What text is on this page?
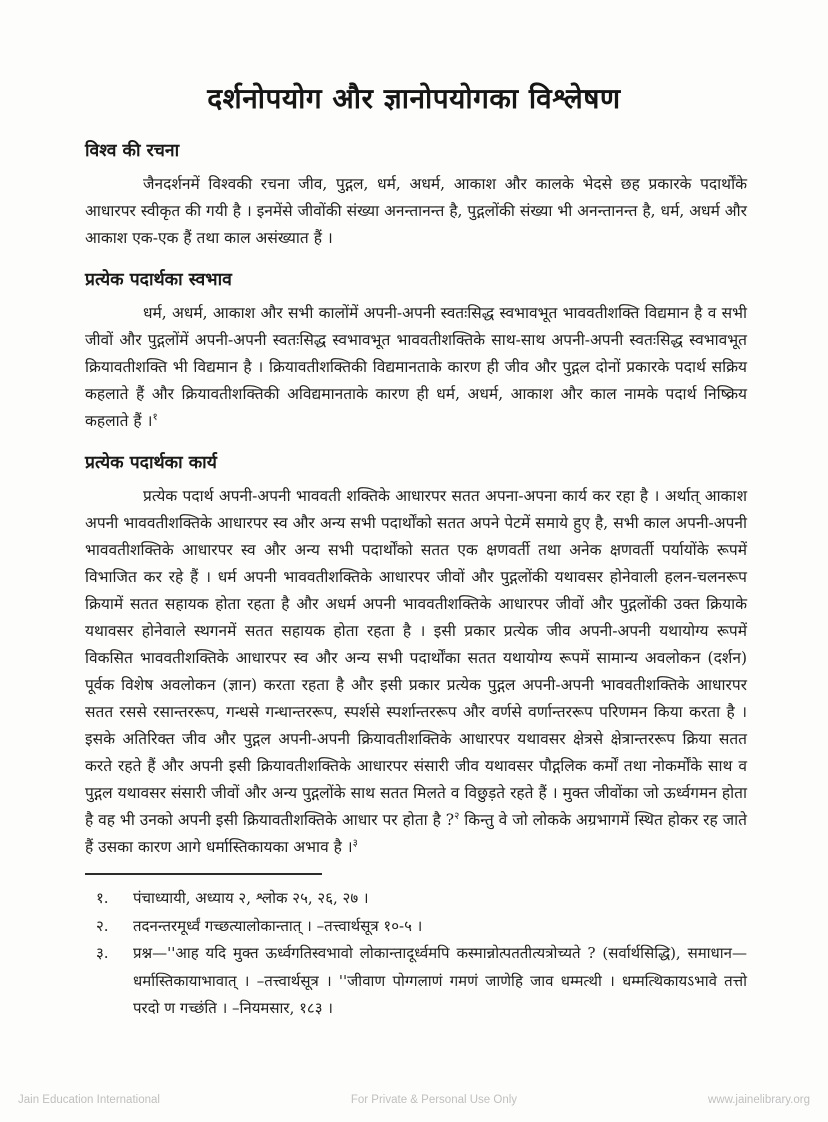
दर्शनोपयोग और ज्ञानोपयोगका विश्लेषण
विश्व की रचना

जैनदर्शनमें विश्वकी रचना जीव, पुद्गल, धर्म, अधर्म, आकाश और कालके भेदसे छह प्रकारके पदार्थोंके आधारपर स्वीकृत की गयी है । इनमेंसे जीवोंकी संख्या अनन्तानन्त है, पुद्गलोंकी संख्या भी अनन्तानन्त है, धर्म, अधर्म और आकाश एक-एक हैं तथा काल असंख्यात हैं ।

प्रत्येक पदार्थका स्वभाव

धर्म, अधर्म, आकाश और सभी कालोंमें अपनी-अपनी स्वतःसिद्ध स्वभावभूत भाववतीशक्ति विद्यमान है व सभी जीवों और पुद्गलोंमें अपनी-अपनी स्वतःसिद्ध स्वभावभूत भाववतीशक्तिके साथ-साथ अपनी-अपनी स्वतःसिद्ध स्वभावभूत क्रियावतीशक्ति भी विद्यमान है । क्रियावतीशक्तिकी विद्यमानताके कारण ही जीव और पुद्गल दोनों प्रकारके पदार्थ सक्रिय कहलाते हैं और क्रियावतीशक्तिकी अविद्यमानताके कारण ही धर्म, अधर्म, आकाश और काल नामके पदार्थ निष्क्रिय कहलाते हैं ।$^१$

प्रत्येक पदार्थका कार्य

प्रत्येक पदार्थ अपनी-अपनी भाववती शक्तिके आधारपर सतत अपना-अपना कार्य कर रहा है । अर्थात् आकाश अपनी भाववतीशक्तिके आधारपर स्व और अन्य सभी पदार्थोंको सतत अपने पेटमें समाये हुए है, सभी काल अपनी-अपनी भाववतीशक्तिके आधारपर स्व और अन्य सभी पदार्थोंको सतत एक क्षणवर्ती तथा अनेक क्षणवर्ती पर्यायोंके रूपमें विभाजित कर रहे हैं । धर्म अपनी भाववतीशक्तिके आधारपर जीवों और पुद्गलोंकी यथावसर होनेवाली हलन-चलनरूप क्रियामें सतत सहायक होता रहता है और अधर्म अपनी भाववतीशक्तिके आधारपर जीवों और पुद्गलोंकी उक्त क्रियाके यथावसर होनेवाले स्थगनमें सतत सहायक होता रहता है । इसी प्रकार प्रत्येक जीव अपनी-अपनी यथायोग्य रूपमें विकसित भाववतीशक्तिके आधारपर स्व और अन्य सभी पदार्थोंका सतत यथायोग्य रूपमें सामान्य अवलोकन (दर्शन) पूर्वक विशेष अवलोकन (ज्ञान) करता रहता है और इसी प्रकार प्रत्येक पुद्गल अपनी-अपनी भाववतीशक्तिके आधारपर सतत रससे रसान्तररूप, गन्धसे गन्धान्तररूप, स्पर्शसे स्पर्शान्तररूप और वर्णसे वर्णान्तररूप परिणमन किया करता है । इसके अतिरिक्त जीव और पुद्गल अपनी-अपनी क्रियावतीशक्तिके आधारपर यथावसर क्षेत्रसे क्षेत्रान्तररूप क्रिया सतत करते रहते हैं और अपनी इसी क्रियावतीशक्तिके आधारपर संसारी जीव यथावसर पौद्गलिक कर्मों तथा नोकर्मोंके साथ व पुद्गल यथावसर संसारी जीवों और अन्य पुद्गलोंके साथ सतत मिलते व विछुड़ते रहते हैं । मुक्त जीवोंका जो ऊर्ध्वगमन होता है वह भी उनको अपनी इसी क्रियावतीशक्तिके आधार पर होता है ?$^२$ किन्तु वे जो लोकके अग्रभागमें स्थित होकर रह जाते हैं उसका कारण आगे धर्मास्तिकायका अभाव है ।$^३$

१.	पंचाध्यायी, अध्याय २, श्लोक २५, २६, २७ ।
२.	तदनन्तरमूर्ध्वं गच्छत्यालोकान्तात् । –तत्त्वार्थसूत्र १०-५ ।
३.	प्रश्न—''आह यदि मुक्त ऊर्ध्वगतिस्वभावो लोकान्तादूर्ध्वमपि कस्मान्नोत्पततीत्यत्रोच्यते ? (सर्वार्थसिद्धि), समाधान—धर्मास्तिकायाभावात् । –तत्त्वार्थसूत्र । ''जीवाण पोग्गलाणं गमणं जाणेहि जाव धम्मत्थी । धम्मत्थिकायऽभावे तत्तो परदो ण गच्छंति । –नियमसार, १८३ ।
Jain Education International	For Private & Personal Use Only	www.jainelibrary.org
